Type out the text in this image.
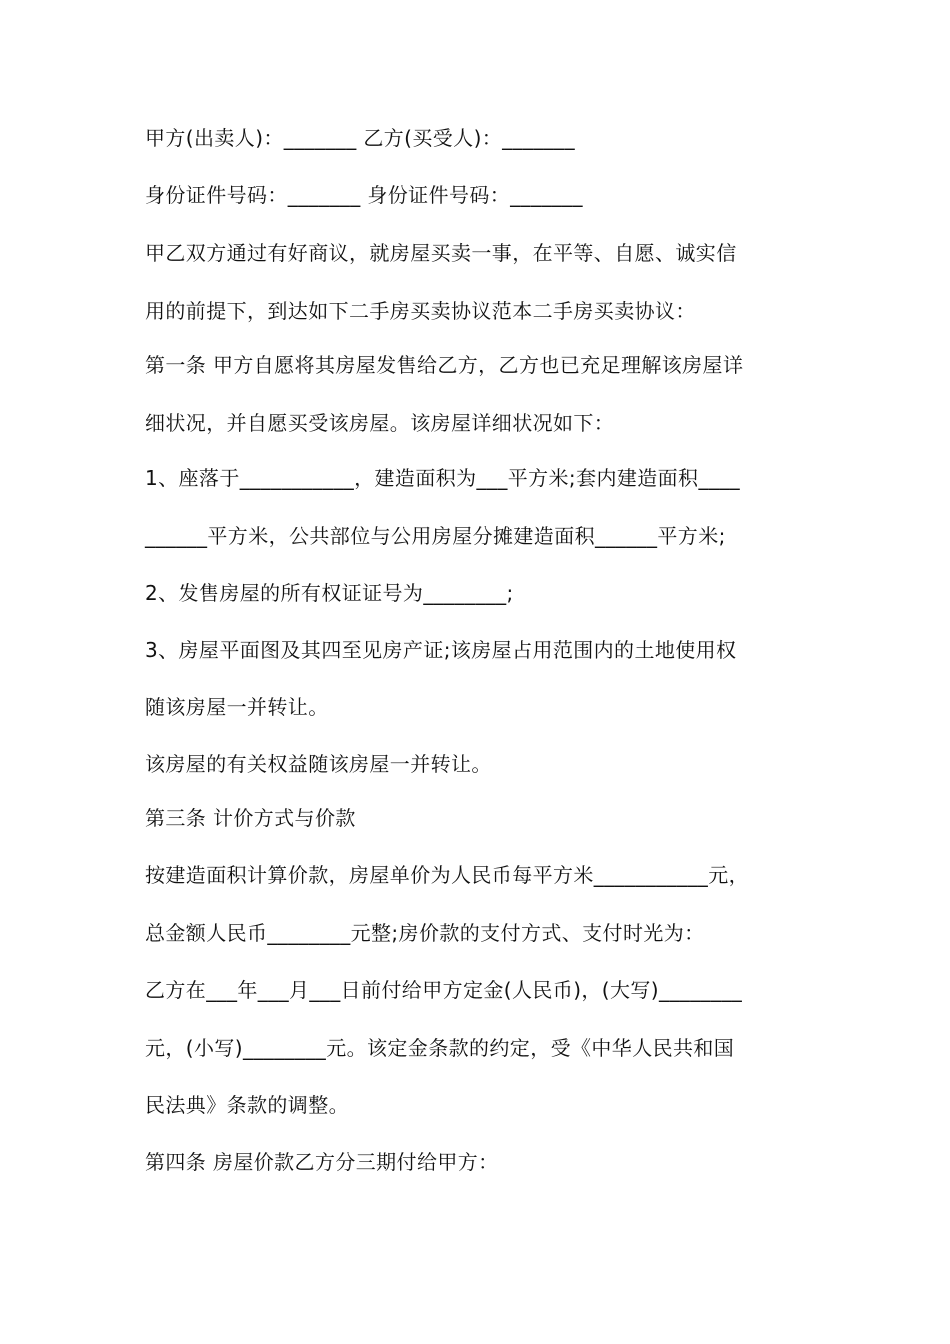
甲方(出卖人)：_______ 乙方(买受人)：_______
身份证件号码：_______ 身份证件号码：_______
甲乙双方通过有好商议，就房屋买卖一事，在平等、自愿、诚实信
用的前提下，到达如下二手房买卖协议范本二手房买卖协议：
第一条 甲方自愿将其房屋发售给乙方，乙方也已充足理解该房屋详
细状况，并自愿买受该房屋。该房屋详细状况如下：
1、座落于___________，建造面积为___平方米;套内建造面积____
______平方米，公共部位与公用房屋分摊建造面积______平方米;
2、发售房屋的所有权证证号为________;
3、房屋平面图及其四至见房产证;该房屋占用范围内的土地使用权
随该房屋一并转让。
该房屋的有关权益随该房屋一并转让。
第三条 计价方式与价款
按建造面积计算价款，房屋单价为人民币每平方米___________元，
总金额人民币________元整;房价款的支付方式、支付时光为：
乙方在___年___月___日前付给甲方定金(人民币)，(大写)________
元，(小写)________元。该定金条款的约定，受《中华人民共和国
民法典》条款的调整。
第四条 房屋价款乙方分三期付给甲方：
